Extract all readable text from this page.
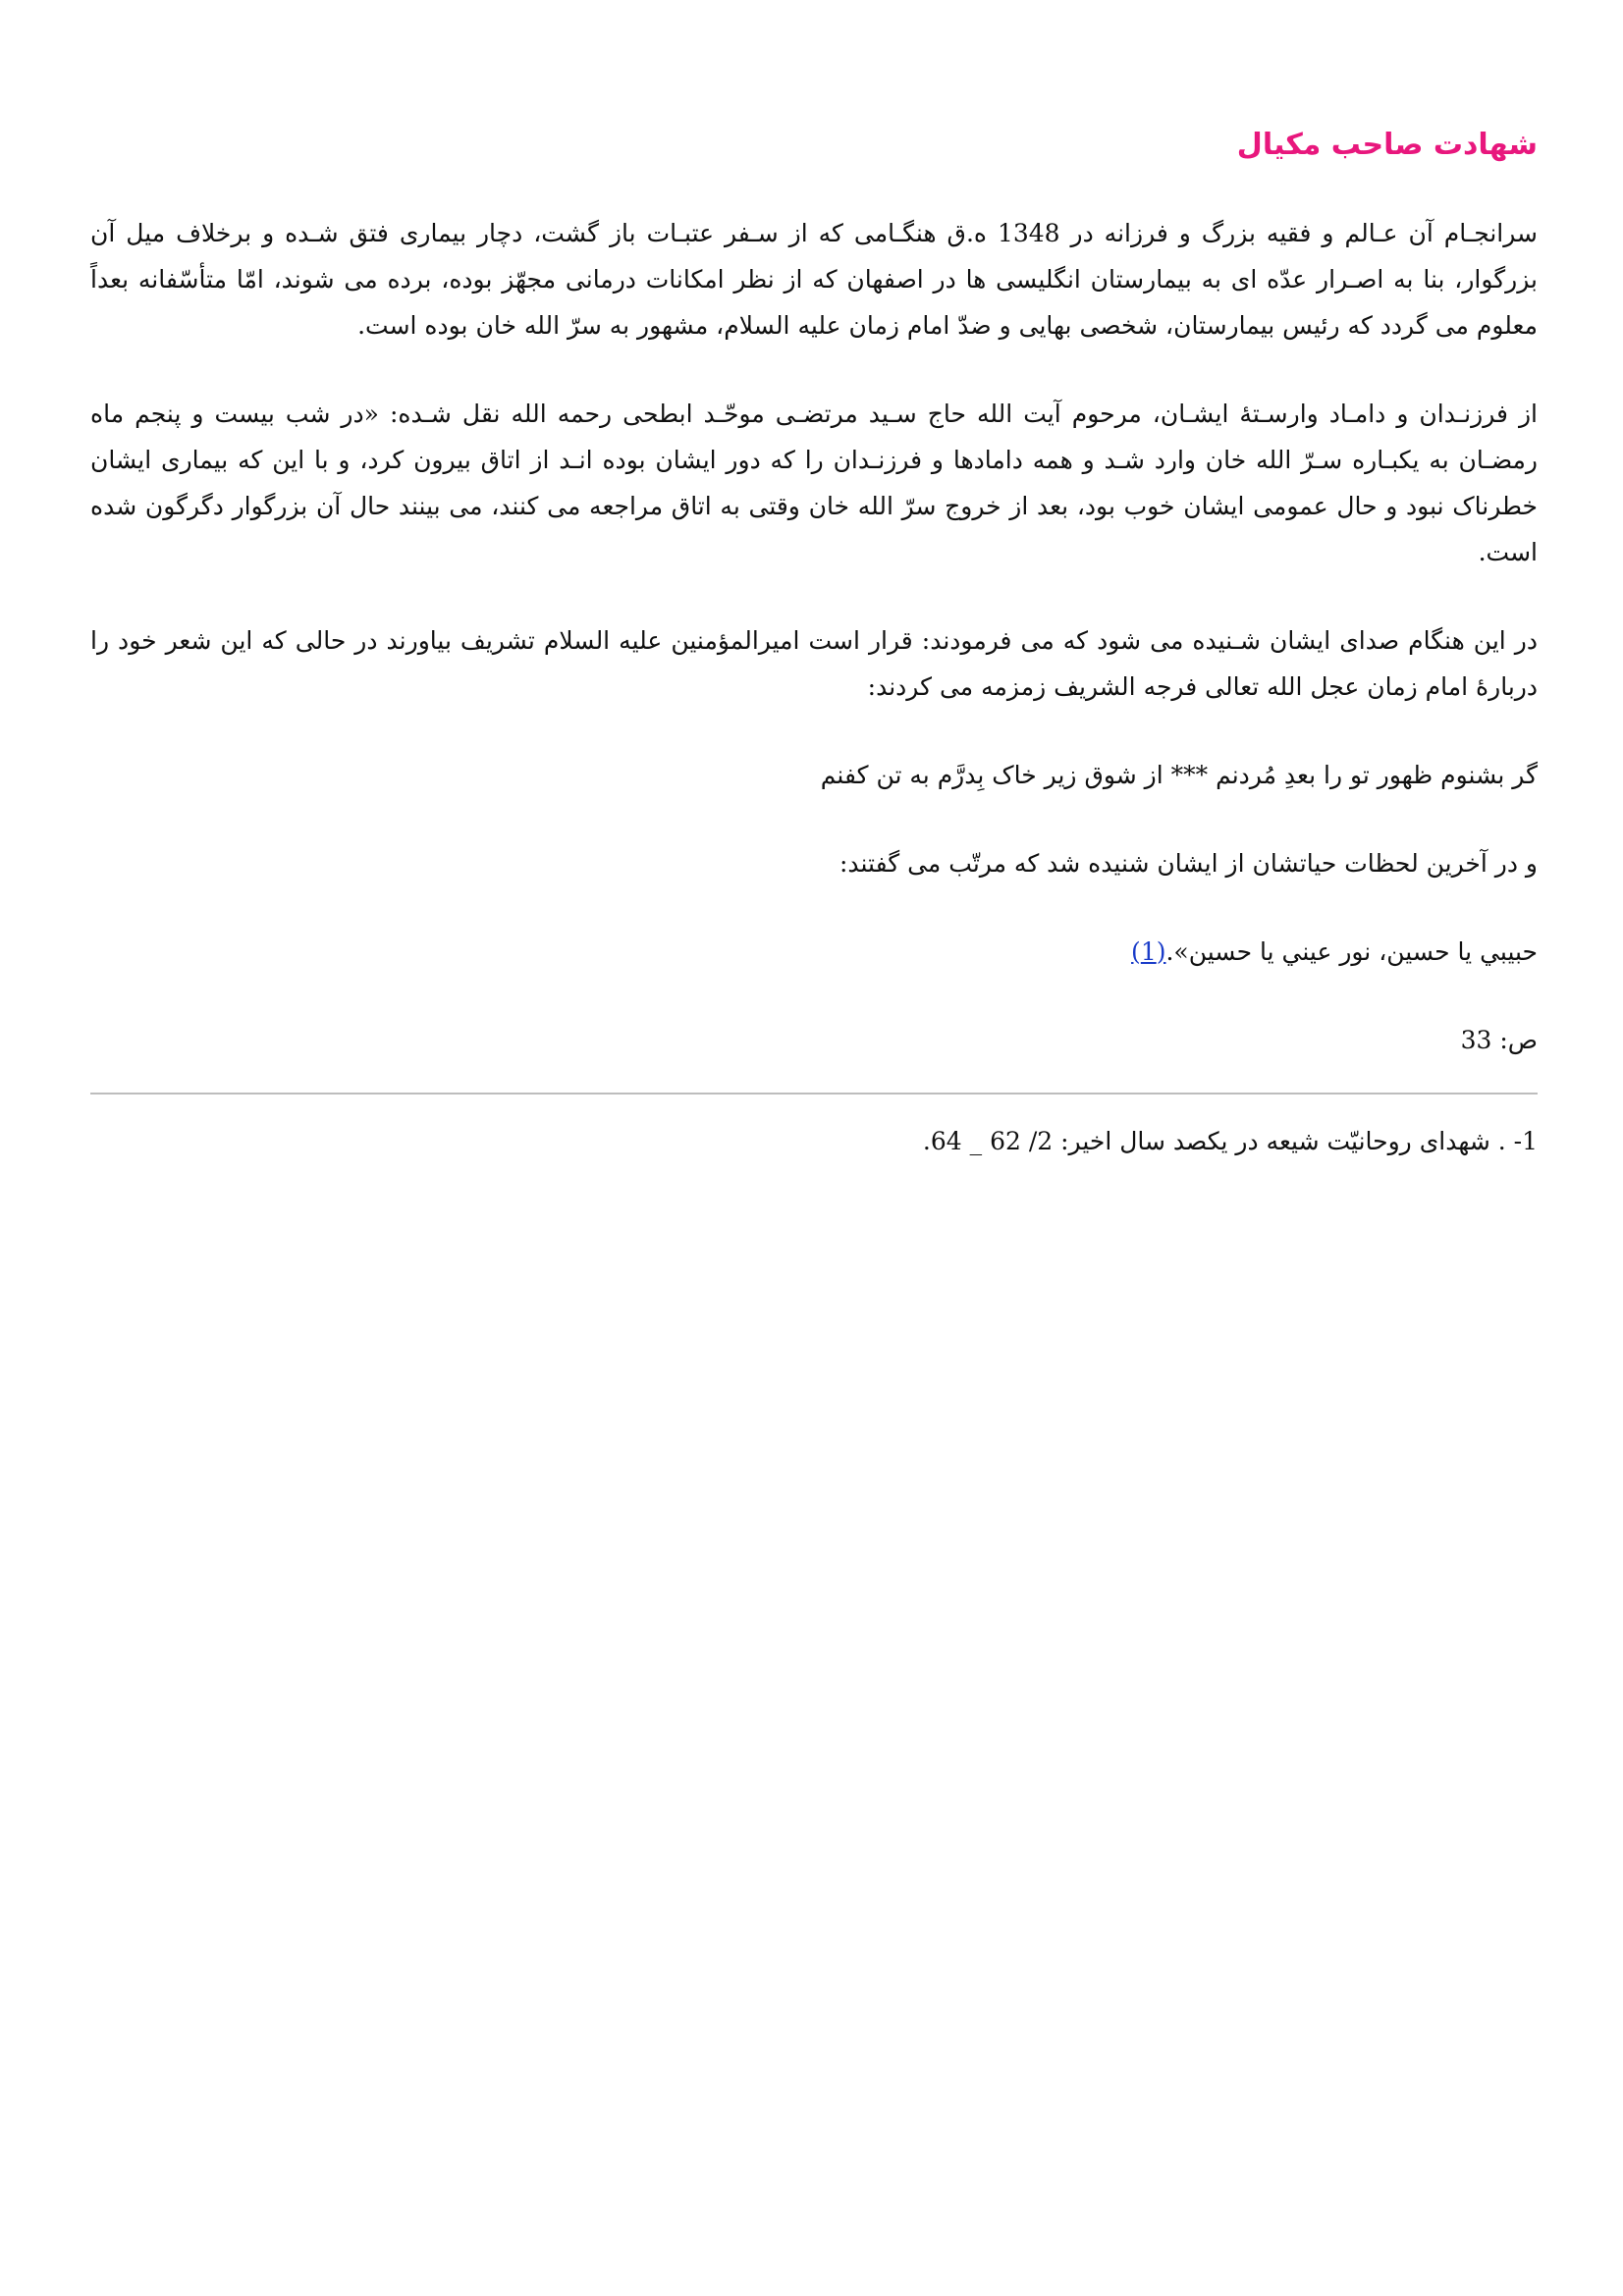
شهادت صاحب مکیال

سرانجـام آن عـالم و فقیه بزرگ و فرزانه در 1348 ه.ق هنگـامی که از سـفر عتبـات باز گشت، دچار بیماری فتق شـده و برخلاف میل آن بزرگوار، بنا به اصـرار عدّه ای به بیمارستان انگلیسی ها در اصفهان که از نظر امکانات درمانی مجهّز بوده، برده می شوند، امّا متأسّفانه بعداً معلوم می گردد که رئیس بیمارستان، شخصی بهایی و ضدّ امام زمان علیه السلام، مشهور به سرّ الله خان بوده است.

از فرزنـدان و دامـاد وارسـتهٔ ایشـان، مرحوم آیت الله حاج سـید مرتضـی موحّـد ابطحی رحمه الله نقل شـده: «در شب بیست و پنجم ماه رمضـان به یکبـاره سـرّ الله خان وارد شـد و همه دامادها و فرزنـدان را که دور ایشان بوده انـد از اتاق بیرون کرد، و با این که بیماری ایشان خطرناک نبود و حال عمومی ایشان خوب بود، بعد از خروج سرّ الله خان وقتی به اتاق مراجعه می کنند، می بینند حال آن بزرگوار دگرگون شده است.

در این هنگام صدای ایشان شـنیده می شود که می فرمودند: قرار است امیرالمؤمنین علیه السلام تشریف بیاورند در حالی که این شعر خود را دربارهٔ امام زمان عجل الله تعالی فرجه الشریف زمزمه می کردند:

گر بشنوم ظهور تو را بعدِ مُردنم *** از شوق زیر خاک بِدرَّم به تن کفنم

و در آخرین لحظات حیاتشان از ایشان شنیده شد که مرتّب می گفتند:

حبيبي يا حسين، نور عيني يا حسين».(1)

ص: 33

1- . شهدای روحانیّت شیعه در یکصد سال اخیر: 2/ 62 _ 64.
